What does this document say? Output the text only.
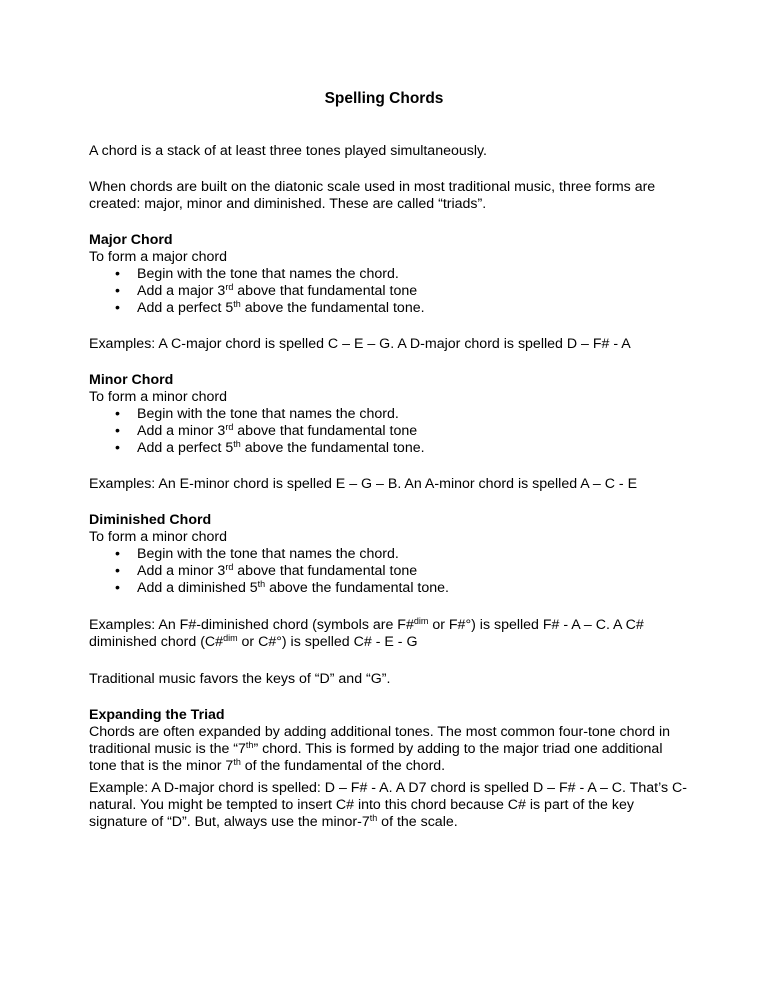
Spelling Chords

A chord is a stack of at least three tones played simultaneously.

When chords are built on the diatonic scale used in most traditional music, three forms are

created: major, minor and diminished. These are called “triads”.

Major Chord

To form a major chord

• Begin with the tone that names the chord.
• Add a major 3rd above that fundamental tone
• Add a perfect 5th above the fundamental tone.

Examples: A C-major chord is spelled C – E – G. A D-major chord is spelled D – F# - A

Minor Chord

To form a minor chord

• Begin with the tone that names the chord.
• Add a minor 3rd above that fundamental tone
• Add a perfect 5th above the fundamental tone.

Examples: An E-minor chord is spelled E – G – B. An A-minor chord is spelled A – C - E

Diminished Chord

To form a minor chord

• Begin with the tone that names the chord.
• Add a minor 3rd above that fundamental tone
• Add a diminished 5th above the fundamental tone.

Examples: An F#-diminished chord (symbols are F#$^{dim}$ or F#°) is spelled F# - A – C. A C#

diminished chord (C#$^{dim}$ or C#°) is spelled C# - E - G

Traditional music favors the keys of “D” and “G”.

Expanding the Triad

Chords are often expanded by adding additional tones. The most common four-tone chord in

traditional music is the “7th” chord. This is formed by adding to the major triad one additional

tone that is the minor 7th of the fundamental of the chord.

Example: A D-major chord is spelled: D – F# - A. A D7 chord is spelled D – F# - A – C. That’s C-

natural. You might be tempted to insert C# into this chord because C# is part of the key

signature of “D”. But, always use the minor-7th of the scale.
